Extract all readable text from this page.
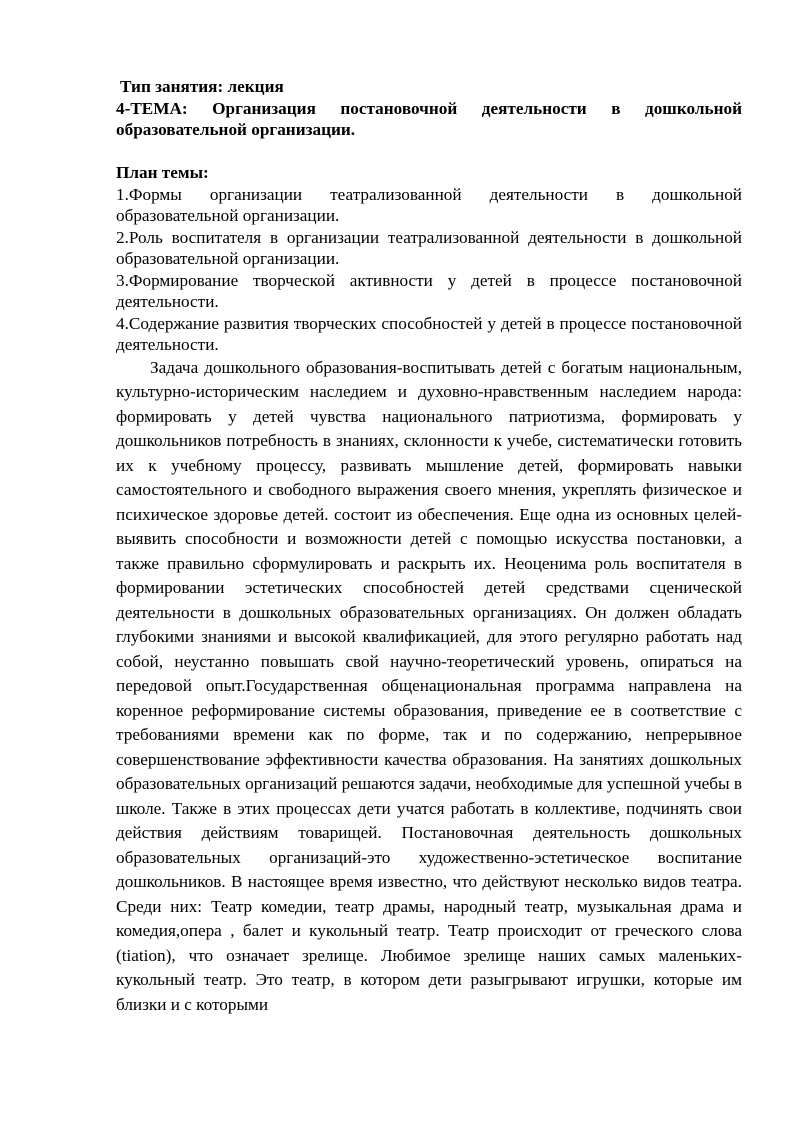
Тип занятия: лекция

4-ТЕМА: Организация постановочной деятельности в дошкольной образовательной организации.

План темы:

1.Формы организации театрализованной деятельности в дошкольной образовательной организации.
2.Роль воспитателя в организации театрализованной деятельности в дошкольной образовательной организации.
3.Формирование творческой активности у детей в процессе постановочной деятельности.
4.Содержание развития творческих способностей у детей в процессе постановочной деятельности.

Задача дошкольного образования-воспитывать детей с богатым национальным, культурно-историческим наследием и духовно-нравственным наследием народа: формировать у детей чувства национального патриотизма, формировать у дошкольников потребность в знаниях, склонности к учебе, систематически готовить их к учебному процессу, развивать мышление детей, формировать навыки самостоятельного и свободного выражения своего мнения, укреплять физическое и психическое здоровье детей. состоит из обеспечения. Еще одна из основных целей-выявить способности и возможности детей с помощью искусства постановки, а также правильно сформулировать и раскрыть их. Неоценима роль воспитателя в формировании эстетических способностей детей средствами сценической деятельности в дошкольных образовательных организациях. Он должен обладать глубокими знаниями и высокой квалификацией, для этого регулярно работать над собой, неустанно повышать свой научно-теоретический уровень, опираться на передовой опыт.Государственная общенациональная программа направлена на коренное реформирование системы образования, приведение ее в соответствие с требованиями времени как по форме, так и по содержанию, непрерывное совершенствование эффективности качества образования. На занятиях дошкольных образовательных организаций решаются задачи, необходимые для успешной учебы в школе. Также в этих процессах дети учатся работать в коллективе, подчинять свои действия действиям товарищей. Постановочная деятельность дошкольных образовательных организаций-это художественно-эстетическое воспитание дошкольников. В настоящее время известно, что действуют несколько видов театра. Среди них: Театр комедии, театр драмы, народный театр, музыкальная драма и комедия,опера , балет и кукольный театр. Театр происходит от греческого слова (tiation), что означает зрелище. Любимое зрелище наших самых маленьких-кукольный театр. Это театр, в котором дети разыгрывают игрушки, которые им близки и с которыми
